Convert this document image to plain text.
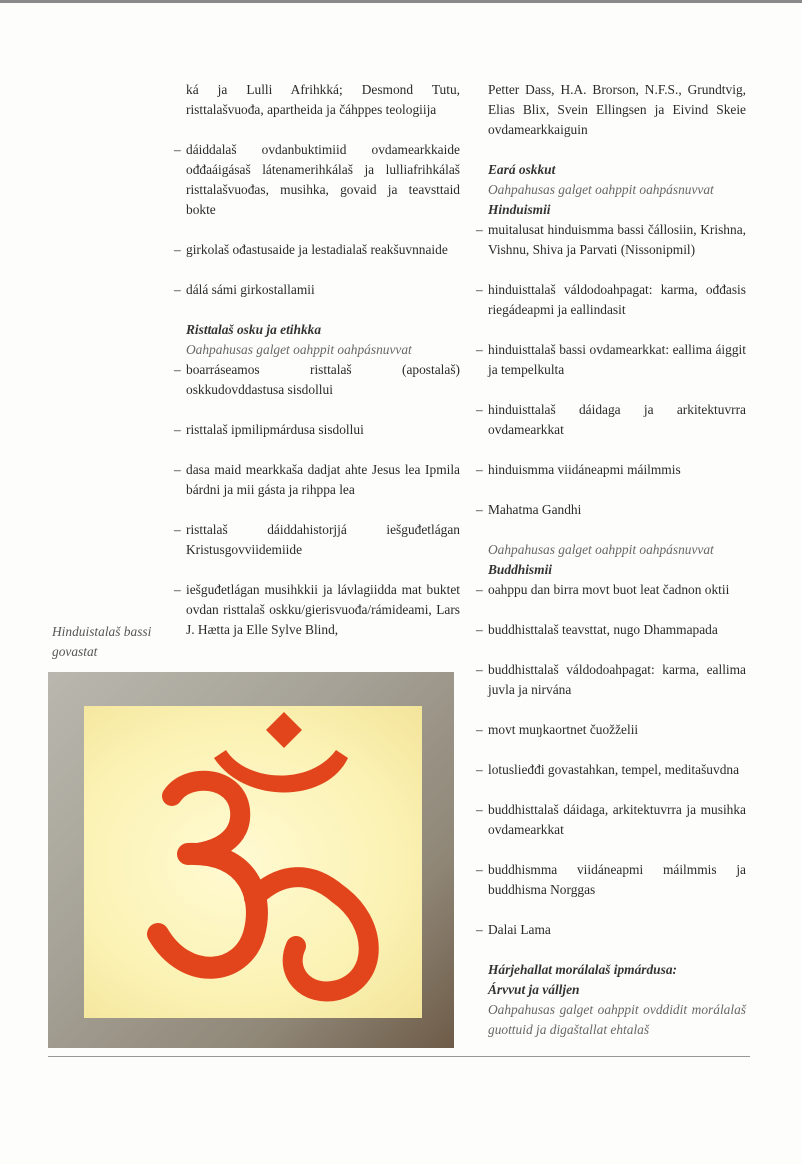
ká ja Lulli Afrihkká; Desmond Tutu, risttalašvuođa, apartheida ja čáhppes teologiija
– dáiddalaš ovdanbuktimiid ovdamearkkaide ođđaáigásaš látenamerihkálaš ja lulliafrihkálaš risttalašvuođas, musihka, govaid ja teavsttaid bokte
– girkolaš ođastusaide ja lestadialaš reakšuvnnaide
– dálá sámi girkostallamii
Risttalaš osku ja etihkka
Oahpahusas galget oahppit oahpásnuvvat
– boarráseamos risttalaš (apostalaš) oskkudovddastusa sisdollui
– risttalaš ipmilipmárdusa sisdollui
– dasa maid mearkkaša dadjat ahte Jesus lea Ipmila bárdni ja mii gásta ja rihppa lea
– risttalaš dáiddahistorjjá iešguđetlágan Kristusgovviidemiide
– iešguđetlágan musihkkii ja lávlagiidda mat buktet ovdan risttalaš oskku/gierisvuođa/rámideami, Lars J. Hætta ja Elle Sylve Blind,
Hinduistalaš bassi govastat
Petter Dass, H.A. Brorson, N.F.S., Grundtvig, Elias Blix, Svein Ellingsen ja Eivind Skeie ovdamearkkaiguin
Eará oskkut
Oahpahusas galget oahppit oahpásnuvvat
Hinduismii
– muitalusat hinduismma bassi čállosiin, Krishna, Vishnu, Shiva ja Parvati (Nissonipmil)
– hinduisttalaš váldodoahpagat: karma, ođđasis riegádeapmi ja eallindasit
– hinduisttalaš bassi ovdamearkkat: eallima áiggit ja tempelkulta
– hinduisttalaš dáidaga ja arkitektuvrra ovdamearkkat
– hinduismma viidáneapmi máilmmis
– Mahatma Gandhi
Oahpahusas galget oahppit oahpásnuvvat
Buddhismii
– oahppu dan birra movt buot leat čadnon oktii
– buddhisttalaš teavsttat, nugo Dhammapada
– buddhisttalaš váldodoahpagat: karma, eallima juvla ja nirvána
– movt muŋkaortnet čuožželii
– lotuslieđđi govastahkan, tempel, meditašuvdna
– buddhisttalaš dáidaga, arkitektuvrra ja musihka ovdamearkkat
– buddhismma viidáneapmi máilmmis ja buddhisma Norggas
– Dalai Lama
Hárjehallat morálalaš ipmárdusa:
Árvvut ja válljen
Oahpahusas galget oahppit ovddidit morálalaš guottuid ja digaštallat ehtalaš
